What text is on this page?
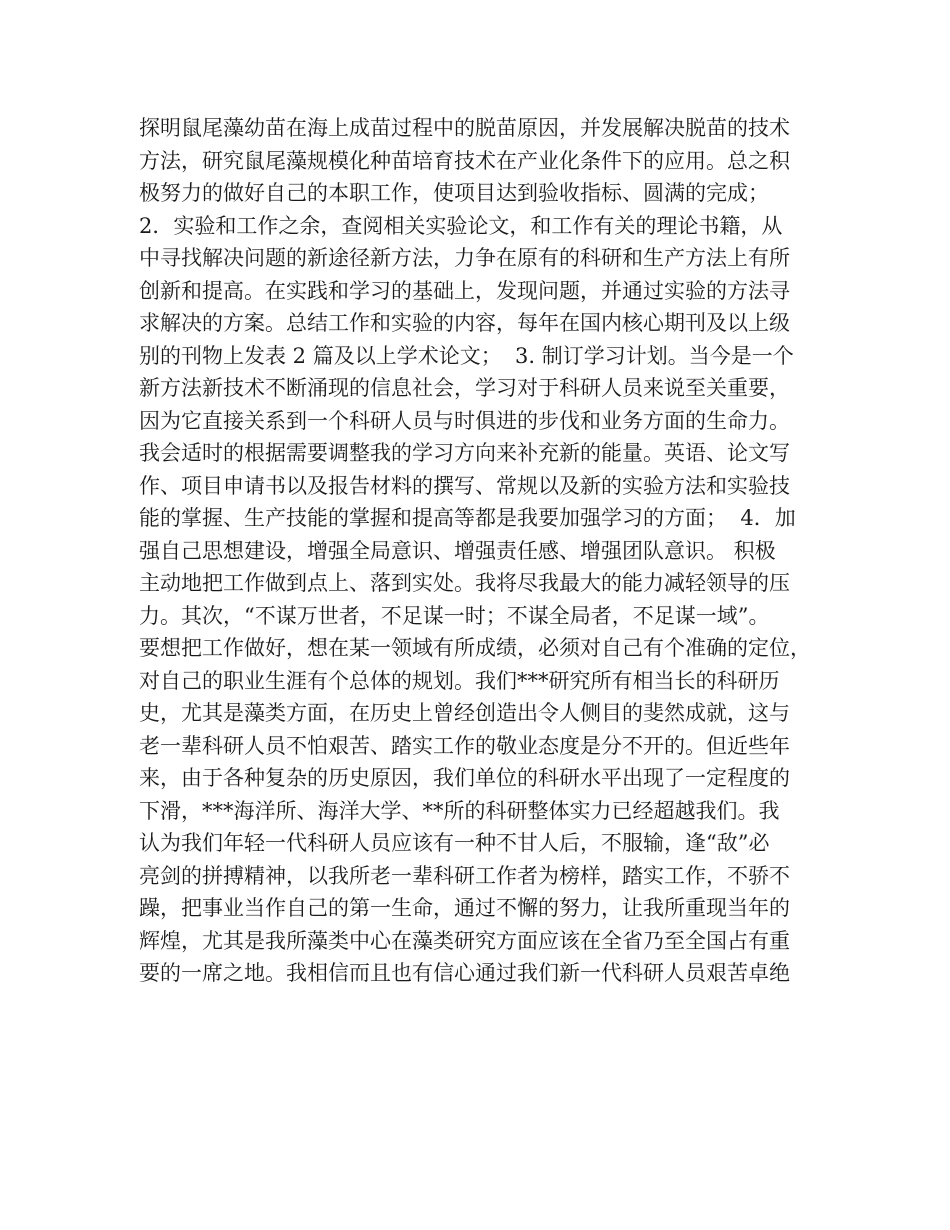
探明鼠尾藻幼苗在海上成苗过程中的脱苗原因，并发展解决脱苗的技术
方法，研究鼠尾藻规模化种苗培育技术在产业化条件下的应用。总之积
极努力的做好自己的本职工作，使项目达到验收指标、圆满的完成；
2．实验和工作之余，查阅相关实验论文，和工作有关的理论书籍，从
中寻找解决问题的新途径新方法，力争在原有的科研和生产方法上有所
创新和提高。在实践和学习的基础上，发现问题，并通过实验的方法寻
求解决的方案。总结工作和实验的内容，每年在国内核心期刊及以上级
别的刊物上发表 2 篇及以上学术论文；  3. 制订学习计划。当今是一个
新方法新技术不断涌现的信息社会，学习对于科研人员来说至关重要，
因为它直接关系到一个科研人员与时俱进的步伐和业务方面的生命力。
我会适时的根据需要调整我的学习方向来补充新的能量。英语、论文写
作、项目申请书以及报告材料的撰写、常规以及新的实验方法和实验技
能的掌握、生产技能的掌握和提高等都是我要加强学习的方面；  4．加
强自己思想建设，增强全局意识、增强责任感、增强团队意识。 积极
主动地把工作做到点上、落到实处。我将尽我最大的能力减轻领导的压
力。其次，“不谋万世者，不足谋一时；不谋全局者，不足谋一域”。
要想把工作做好，想在某一领域有所成绩，必须对自己有个准确的定位，
对自己的职业生涯有个总体的规划。我们***研究所有相当长的科研历
史，尤其是藻类方面，在历史上曾经创造出令人侧目的斐然成就，这与
老一辈科研人员不怕艰苦、踏实工作的敬业态度是分不开的。但近些年
来，由于各种复杂的历史原因，我们单位的科研水平出现了一定程度的
下滑，***海洋所、海洋大学、**所的科研整体实力已经超越我们。我
认为我们年轻一代科研人员应该有一种不甘人后，不服输，逢“敌”必
亮剑的拼搏精神，以我所老一辈科研工作者为榜样，踏实工作，不骄不
躁，把事业当作自己的第一生命，通过不懈的努力，让我所重现当年的
辉煌，尤其是我所藻类中心在藻类研究方面应该在全省乃至全国占有重
要的一席之地。我相信而且也有信心通过我们新一代科研人员艰苦卓绝
